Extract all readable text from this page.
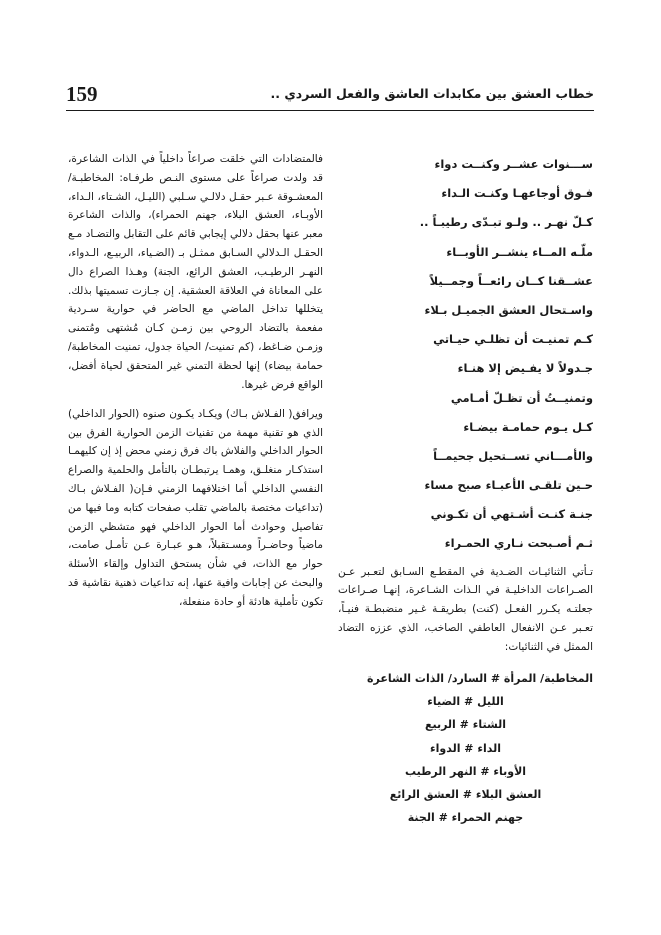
خطاب العشق بين مكابدات العاشق والفعل السردي ..
159
ســـنوات عشــر وكنــت دواء
فـوق أوجاعهـا وكنـت الـداء
كـلّ نهـر .. ولـو تبـدّى رطيبـاً ..
ملّـه المــاء ينشــر الأوبــاء
عشــقنا كــان رائعــاً وجمــيلاً
واسـتحال العشق الجميـل بـلاء
كـم تمنيـت أن تظلـي حيـاتي
جـدولاً لا يفـيض إلا هنـاء
وتمنيــتُ أن تظـلّ أمـامي
كـل يـوم حمامـة بيضـاء
والأمـــاني تســتحيل جحيمــاً
حـين تلقـى الأعبـاء صبح مساء
جنـة كنـت أشـتهي أن تكـوني
ثـم أصـبحت نـاري الحمـراء

تـأتي الثنائيـات الضـدية في المقطـع السـابق لتعـبر عـن الصـراعات الداخليـة في الـذات الشـاعرة، إنهـا صـراعات جعلتـه يكـرر الفعـل (كنت) بطريقـة غـير منضبطـة فنيـاً، تعـبر عـن الانفعال العاطفي الصاخب، الذي عززه التضاد الممثل في الثنائيات:

المخاطبة/ المرأة # السارد/ الذات الشاعرة
الليل # الضياء
الشتاء # الربيع
الداء # الدواء
الأوباء # النهر الرطيب
العشق البلاء # العشق الرائع
جهنم الحمراء # الجنة

فالمتضادات التي خلقت صراعاً داخلياً في الذات الشاعرة، قد ولدت صراعاً على مستوى النـص طرفـاه: المخاطبـة/ المعشـوقة عـبر حقـل دلالـي سـلبي (الليـل، الشـتاء، الـداء، الأوبـاء، العشق البلاء، جهنم الحمراء)، والذات الشاعرة معبر عنها بحقل دلالي إيجابي قائم على التقابل والتضـاد مـع الحقـل الـدلالي السـابق ممثـل بـ (الضـياء، الربيـع، الـدواء، النهـر الرطيـب، العشق الرائع، الجنة) وهـذا الصراع دال على المعاناة في العلاقة العشقية. إن جـازت تسميتها بذلك. يتخللها تداخل الماضي مع الحاضر في حوارية سـردية مفعمة بالتضاد الروحي بين زمـن كـان مُشتهى ومُتمنى وزمـن ضـاغط، (كم تمنيت/ الحياة جدول، تمنيت المخاطبة/ حمامة بيضاء) إنها لحظة التمني غير المتحقق لحياة أفضل، الواقع فرض غيرها.

ويرافق( الفـلاش بـاك) ويكـاد يكـون صنوه (الحوار الداخلي) الذي هو تقنية مهمة من تقنيات الزمن الحوارية الفرق بين الحوار الداخلي والفلاش باك فرق زمني محض إذ إن كليهمـا استذكـار منغلـق، وهمـا يرتبطـان بالتأمل والحلمية والصراع النفسي الداخلي أما اختلافهما الزمني فـإن( الفـلاش بـاك (تداعيات مختصة بالماضي تقلب صفحات كتابه وما فيها من تفاصيل وحوادث أما الحوار الداخلي فهو متشظي الزمن ماضياً وحاضـراً ومسـتقبلاً، هـو عبـارة عـن تأمـل صامت، حوار مع الذات، في شأن يستحق التداول وإلقاء الأسئلة والبحث عن إجابات وافية عنها، إنه تداعيات ذهنية نقاشية قد تكون تأملية هادئة أو حادة منفعلة،
